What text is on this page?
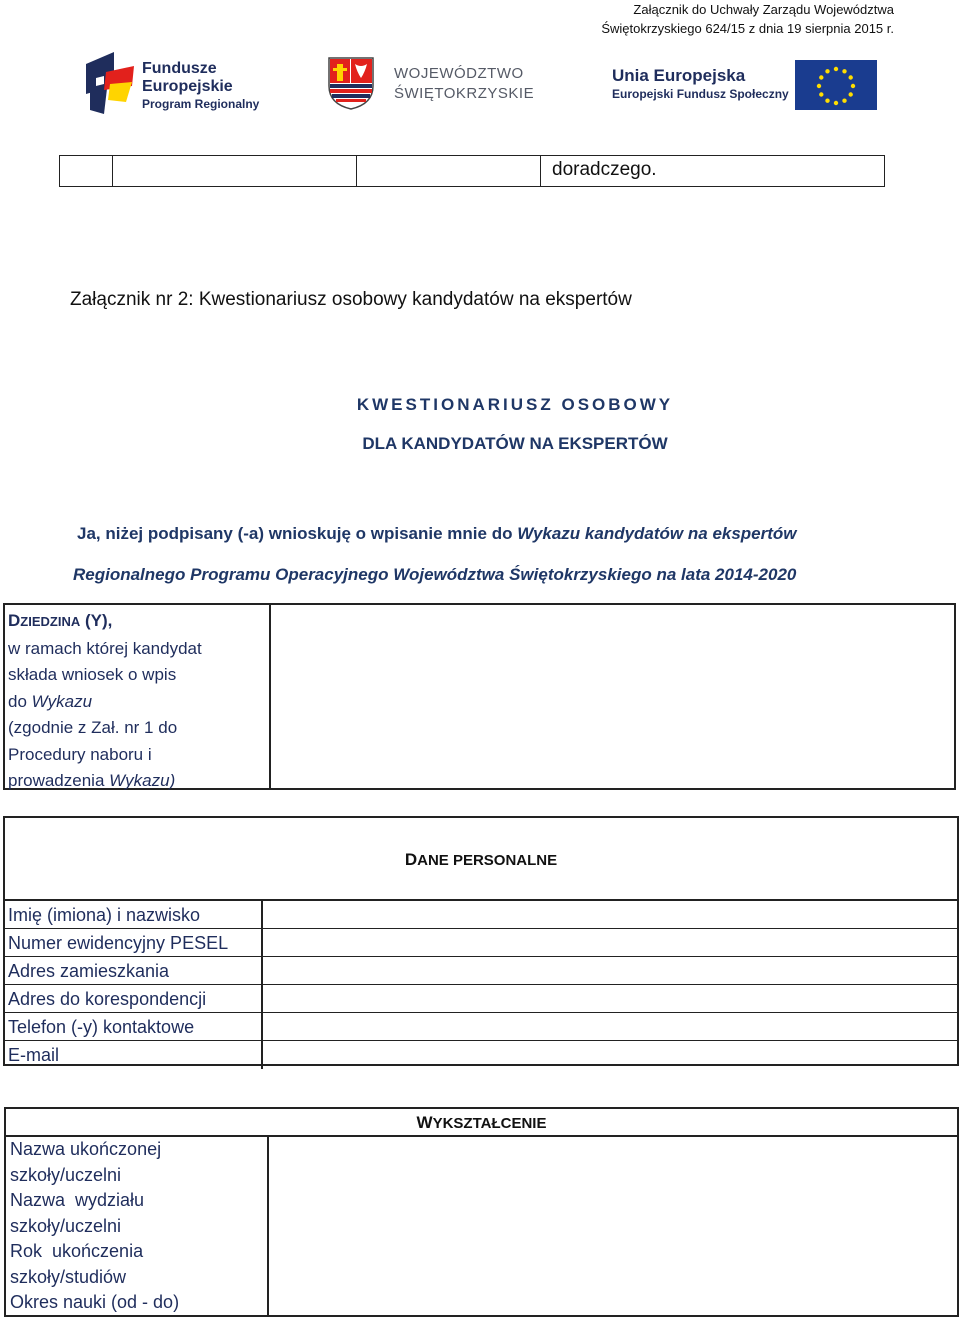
Załącznik do Uchwały Zarządu Województwa
Świętokrzyskiego 624/15 z dnia 19 sierpnia 2015 r.
Fundusze
Europejskie
Program Regionalny
WOJEWÓDZTWO
ŚWIĘTOKRZYSKIE
Unia Europejska
Europejski Fundusz Społeczny
doradczego.
Załącznik nr 2: Kwestionariusz osobowy kandydatów na ekspertów
KWESTIONARIUSZ OSOBOWY
DLA KANDYDATÓW NA EKSPERTÓW
Ja, niżej podpisany (-a) wnioskuję o wpisanie mnie do Wykazu kandydatów na ekspertów
Regionalnego Programu Operacyjnego Województwa Świętokrzyskiego na lata 2014-2020
DZIEDZINA (Y),
w ramach której kandydat
składa wniosek o wpis
do Wykazu
(zgodnie z Zał. nr 1 do
Procedury naboru i
prowadzenia Wykazu)
DANE PERSONALNE
Imię (imiona) i nazwisko
Numer ewidencyjny PESEL
Adres zamieszkania
Adres do korespondencji
Telefon (-y) kontaktowe
E-mail
WYKSZTAŁCENIE
Nazwa ukończonej
szkoły/uczelni
Nazwa  wydziału
szkoły/uczelni
Rok  ukończenia
szkoły/studiów
Okres nauki (od - do)
